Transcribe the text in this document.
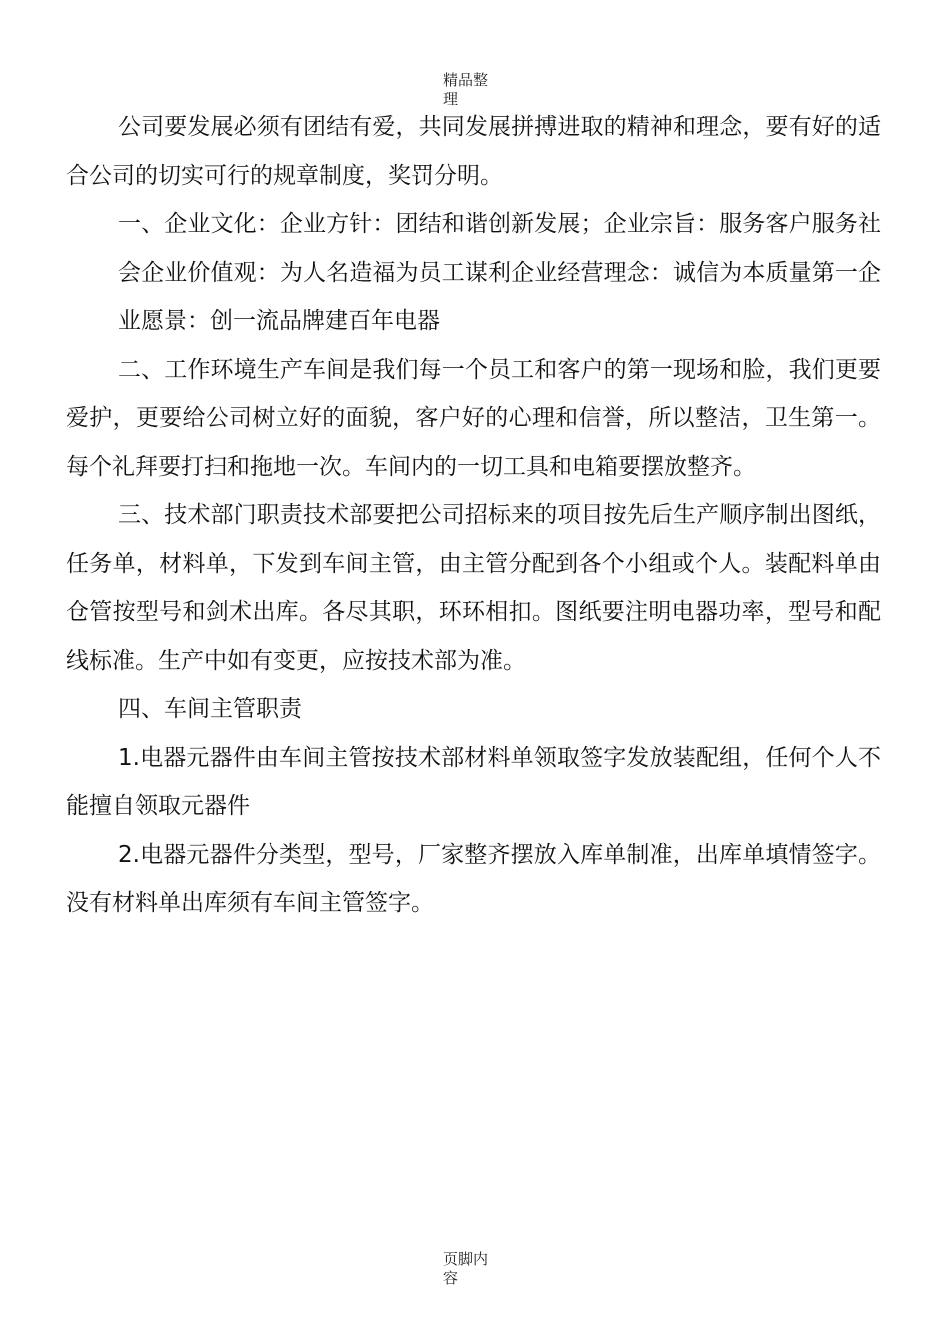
精品整理

公司要发展必须有团结有爱，共同发展拼搏进取的精神和理念，要有好的适合公司的切实可行的规章制度，奖罚分明。

一、企业文化：企业方针：团结和谐创新发展；企业宗旨：服务客户服务社会企业价值观：为人名造福为员工谋利企业经营理念：诚信为本质量第一企业愿景：创一流品牌建百年电器

二、工作环境生产车间是我们每一个员工和客户的第一现场和脸，我们更要爱护，更要给公司树立好的面貌，客户好的心理和信誉，所以整洁，卫生第一。每个礼拜要打扫和拖地一次。车间内的一切工具和电箱要摆放整齐。

三、技术部门职责技术部要把公司招标来的项目按先后生产顺序制出图纸，任务单，材料单，下发到车间主管，由主管分配到各个小组或个人。装配料单由仓管按型号和剑术出库。各尽其职，环环相扣。图纸要注明电器功率，型号和配线标准。生产中如有变更，应按技术部为准。

四、车间主管职责

1.电器元器件由车间主管按技术部材料单领取签字发放装配组，任何个人不能擅自领取元器件

2.电器元器件分类型，型号，厂家整齐摆放入库单制准，出库单填情签字。没有材料单出库须有车间主管签字。

页脚内容
